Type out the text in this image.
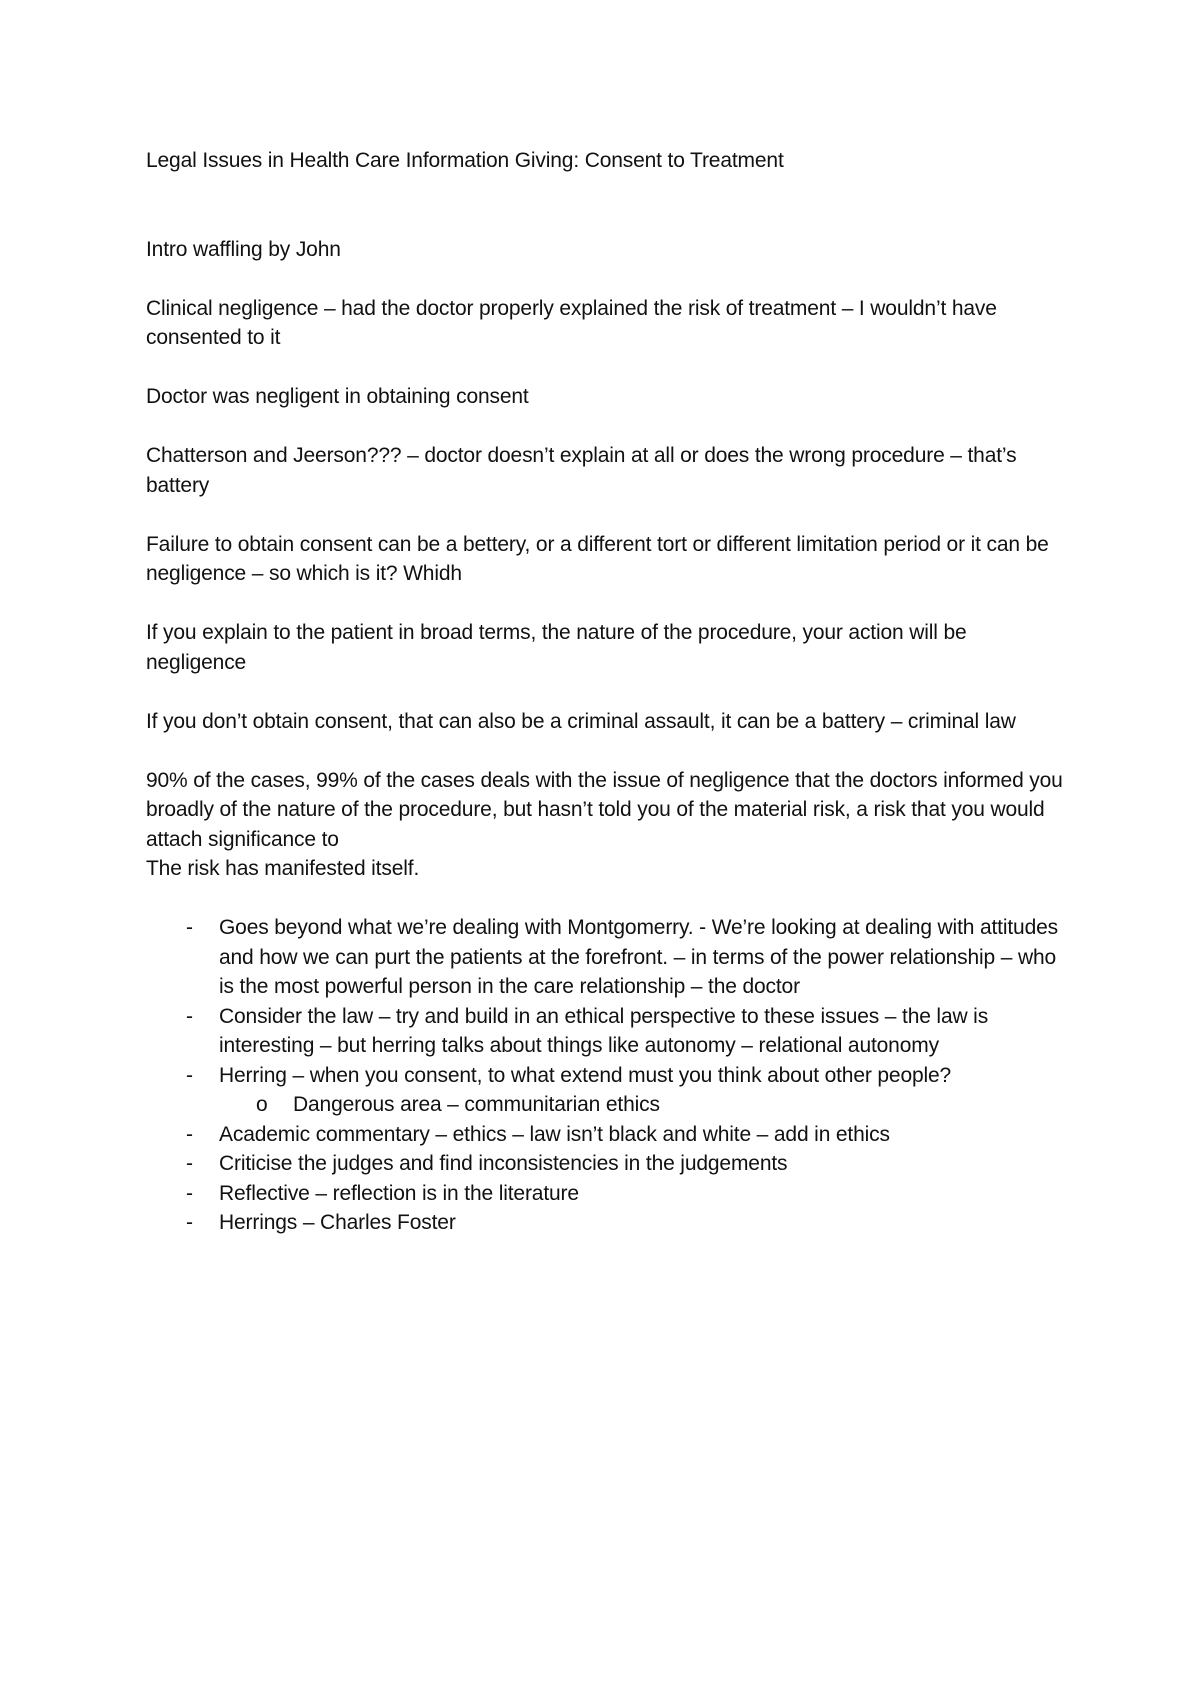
Legal Issues in Health Care Information Giving: Consent to Treatment

Intro waffling by John

Clinical negligence – had the doctor properly explained the risk of treatment – I wouldn’t have consented to it

Doctor was negligent in obtaining consent

Chatterson and Jeerson??? – doctor doesn’t explain at all or does the wrong procedure – that’s battery

Failure to obtain consent can be a bettery, or a different tort or different limitation period or it can be negligence – so which is it? Whidh

If you explain to the patient in broad terms, the nature of the procedure, your action will be negligence

If you don’t obtain consent, that can also be a criminal assault, it can be a battery – criminal law

90% of the cases, 99% of the cases deals with the issue of negligence that the doctors informed you broadly of the nature of the procedure, but hasn’t told you of the material risk, a risk that you would attach significance to

The risk has manifested itself.

-	Goes beyond what we’re dealing with Montgomerry. - We’re looking at dealing with attitudes and how we can purt the patients at the forefront. – in terms of the power relationship – who is the most powerful person in the care relationship – the doctor
-	Consider the law – try and build in an ethical perspective to these issues – the law is interesting – but herring talks about things like autonomy – relational autonomy
-	Herring – when you consent, to what extend must you think about other people?
o	Dangerous area – communitarian ethics
-	Academic commentary – ethics – law isn’t black and white – add in ethics
-	Criticise the judges and find inconsistencies in the judgements
-	Reflective – reflection is in the literature
-	Herrings – Charles Foster
